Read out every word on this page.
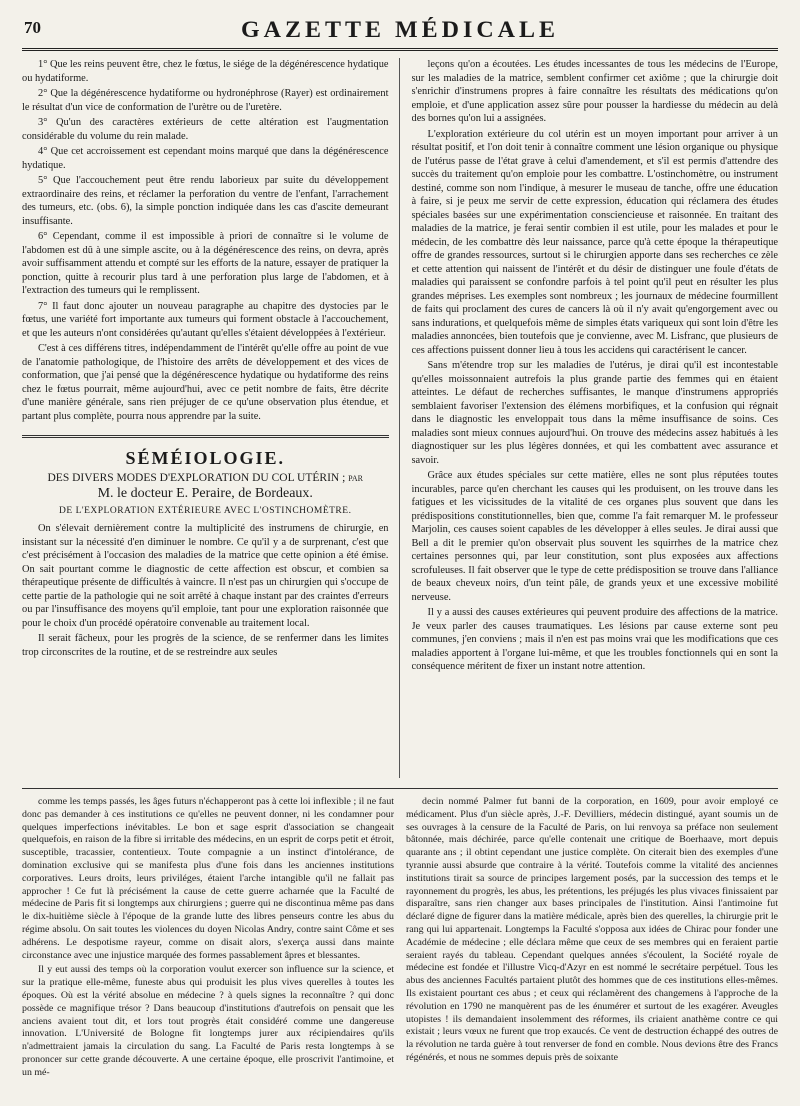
70	GAZETTE MÉDICALE

1° Que les reins peuvent être, chez le fœtus, le siége de la dégénérescence hydatique ou hydatiforme.

2° Que la dégénérescence hydatiforme ou hydronéphrose (Rayer) est ordinairement le résultat d'un vice de conformation de l'urètre ou de l'uretère.

3° Qu'un des caractères extérieurs de cette altération est l'augmentation considérable du volume du rein malade.

4° Que cet accroissement est cependant moins marqué que dans la dégénérescence hydatique.

5° Que l'accouchement peut être rendu laborieux par suite du développement extraordinaire des reins, et réclamer la perforation du ventre de l'enfant, l'arrachement des tumeurs, etc. (obs. 6), la simple ponction indiquée dans les cas d'ascite demeurant insuffisante.

6° Cependant, comme il est impossible à priori de connaître si le volume de l'abdomen est dû à une simple ascite, ou à la dégénérescence des reins, on devra, après avoir suffisamment attendu et compté sur les efforts de la nature, essayer de pratiquer la ponction, quitte à recourir plus tard à une perforation plus large de l'abdomen, et à l'extraction des tumeurs qui le remplissent.

7° Il faut donc ajouter un nouveau paragraphe au chapitre des dystocies par le fœtus, une variété fort importante aux tumeurs qui forment obstacle à l'accouchement, et que les auteurs n'ont considérées qu'autant qu'elles s'étaient développées à l'extérieur.

C'est à ces différens titres, indépendamment de l'intérêt qu'elle offre au point de vue de l'anatomie pathologique, de l'histoire des arrêts de développement et des vices de conformation, que j'ai pensé que la dégénérescence hydatique ou hydatiforme des reins chez le fœtus pourrait, même aujourd'hui, avec ce petit nombre de faits, être décrite d'une manière générale, sans rien préjuger de ce qu'une observation plus étendue, et partant plus complète, pourra nous apprendre par la suite.

SÉMÉIOLOGIE.
DES DIVERS MODES D'EXPLORATION DU COL UTÉRIN ; par
M. le docteur E. Peraire, de Bordeaux.
DE L'EXPLORATION EXTÉRIEURE AVEC L'OSTINCHOMÈTRE.

On s'élevait dernièrement contre la multiplicité des instrumens de chirurgie, en insistant sur la nécessité d'en diminuer le nombre. Ce qu'il y a de surprenant, c'est que c'est précisément à l'occasion des maladies de la matrice que cette opinion a été émise. On sait pourtant comme le diagnostic de cette affection est obscur, et combien sa thérapeutique présente de difficultés à vaincre. Il n'est pas un chirurgien qui s'occupe de cette partie de la pathologie qui ne soit arrêté à chaque instant par des craintes d'erreurs ou par l'insuffisance des moyens qu'il emploie, tant pour une exploration raisonnée que pour le choix d'un procédé opératoire convenable au traitement local.

Il serait fâcheux, pour les progrès de la science, de se renfermer dans les limites trop circonscrites de la routine, et de se restreindre aux seules

leçons qu'on a écoutées. Les études incessantes de tous les médecins de l'Europe, sur les maladies de la matrice, semblent confirmer cet axiôme ; que la chirurgie doit s'enrichir d'instrumens propres à faire connaître les résultats des médications qu'on emploie, et d'une application assez sûre pour pousser la hardiesse du médecin au delà des bornes qu'on lui a assignées.

L'exploration extérieure du col utérin est un moyen important pour arriver à un résultat positif, et l'on doit tenir à connaître comment une lésion organique ou physique de l'utérus passe de l'état grave à celui d'amendement, et s'il est permis d'attendre des succès du traitement qu'on emploie pour les combattre. L'ostinchomètre, ou instrument destiné, comme son nom l'indique, à mesurer le museau de tanche, offre une éducation à faire, si je peux me servir de cette expression, éducation qui réclamera des études spéciales basées sur une expérimentation consciencieuse et raisonnée. En traitant des maladies de la matrice, je ferai sentir combien il est utile, pour les malades et pour le médecin, de les combattre dès leur naissance, parce qu'à cette époque la thérapeutique offre de grandes ressources, surtout si le chirurgien apporte dans ses recherches ce zèle et cette attention qui naissent de l'intérêt et du désir de distinguer une foule d'états de maladies qui paraissent se confondre parfois à tel point qu'il peut en résulter les plus grandes méprises. Les exemples sont nombreux ; les journaux de médecine fourmillent de faits qui proclament des cures de cancers là où il n'y avait qu'engorgement avec ou sans indurations, et quelquefois même de simples états variqueux qui sont loin d'être les maladies annoncées, bien toutefois que je convienne, avec M. Lisfranc, que plusieurs de ces affections puissent donner lieu à tous les accidens qui caractérisent le cancer.

Sans m'étendre trop sur les maladies de l'utérus, je dirai qu'il est incontestable qu'elles moissonnaient autrefois la plus grande partie des femmes qui en étaient atteintes. Le défaut de recherches suffisantes, le manque d'instrumens appropriés semblaient favoriser l'extension des élémens morbifiques, et la confusion qui régnait dans le diagnostic les enveloppait tous dans la même insuffisance de soins. Ces maladies sont mieux connues aujourd'hui. On trouve des médecins assez habitués à les diagnostiquer sur les plus légères données, et qui les combattent avec assurance et savoir.

Grâce aux études spéciales sur cette matière, elles ne sont plus réputées toutes incurables, parce qu'en cherchant les causes qui les produisent, on les trouve dans les fatigues et les vicissitudes de la vitalité de ces organes plus souvent que dans les prédispositions constitutionnelles, bien que, comme l'a fait remarquer M. le professeur Marjolin, ces causes soient capables de les développer à elles seules. Je dirai aussi que Bell a dit le premier qu'on observait plus souvent les squirrhes de la matrice chez certaines personnes qui, par leur constitution, sont plus exposées aux affections scrofuleuses. Il fait observer que le type de cette prédisposition se trouve dans l'alliance de beaux cheveux noirs, d'un teint pâle, de grands yeux et une excessive mobilité nerveuse.

Il y a aussi des causes extérieures qui peuvent produire des affections de la matrice. Je veux parler des causes traumatiques. Les lésions par cause externe sont peu communes, j'en conviens ; mais il n'en est pas moins vrai que les modifications que ces maladies apportent à l'organe lui-même, et que les troubles fonctionnels qui en sont la conséquence méritent de fixer un instant notre attention.

comme les temps passés, les âges futurs n'échapperont pas à cette loi inflexible ; il ne faut donc pas demander à ces institutions ce qu'elles ne peuvent donner, ni les condamner pour quelques imperfections inévitables. Le bon et sage esprit d'association se changeait quelquefois, en raison de la fibre si irritable des médecins, en un esprit de corps petit et étroit, susceptible, tracassier, contentieux. Toute compagnie a un instinct d'intolérance, de domination exclusive qui se manifesta plus d'une fois dans les anciennes institutions corporatives. Leurs droits, leurs priviléges, étaient l'arche intangible qu'il ne fallait pas approcher ! Ce fut là précisément la cause de cette guerre acharnée que la Faculté de médecine de Paris fit si longtemps aux chirurgiens ; guerre qui ne discontinua même pas dans le dix-huitième siècle à l'époque de la grande lutte des libres penseurs contre les abus du régime absolu. On sait toutes les violences du doyen Nicolas Andry, contre saint Côme et ses adhérens. Le despotisme rayeur, comme on disait alors, s'exerça aussi dans mainte circonstance avec une injustice marquée des formes passablement âpres et blessantes.

Il y eut aussi des temps où la corporation voulut exercer son influence sur la science, et sur la pratique elle-même, funeste abus qui produisit les plus vives querelles à toutes les époques. Où est la vérité absolue en médecine ? à quels signes la reconnaître ? qui donc possède ce magnifique trésor ? Dans beaucoup d'institutions d'autrefois on pensait que les anciens avaient tout dit, et lors tout progrès était considéré comme une dangereuse innovation. L'Université de Bologne fit longtemps jurer aux récipiendaires qu'ils n'admettraient jamais la circulation du sang. La Faculté de Paris resta longtemps à se prononcer sur cette grande découverte. A une certaine époque, elle proscrivit l'antimoine, et un mé-

decin nommé Palmer fut banni de la corporation, en 1609, pour avoir employé ce médicament. Plus d'un siècle après, J.-F. Devilliers, médecin distingué, ayant soumis un de ses ouvrages à la censure de la Faculté de Paris, on lui renvoya sa préface non seulement bâtonnée, mais déchirée, parce qu'elle contenait une critique de Boerhaave, mort depuis quarante ans ; il obtint cependant une justice complète. On citerait bien des exemples d'une tyrannie aussi absurde que contraire à la vérité. Toutefois comme la vitalité des anciennes institutions tirait sa source de principes largement posés, par la succession des temps et le rayonnement du progrès, les abus, les prétentions, les préjugés les plus vivaces finissaient par disparaître, sans rien changer aux bases principales de l'institution. Ainsi l'antimoine fut déclaré digne de figurer dans la matière médicale, après bien des querelles, la chirurgie prit le rang qui lui appartenait. Longtemps la Faculté s'opposa aux idées de Chirac pour fonder une Académie de médecine ; elle déclara même que ceux de ses membres qui en feraient partie seraient rayés du tableau. Cependant quelques années s'écoulent, la Société royale de médecine est fondée et l'illustre Vicq-d'Azyr en est nommé le secrétaire perpétuel. Tous les abus des anciennes Facultés partaient plutôt des hommes que de ces institutions elles-mêmes. Ils existaient pourtant ces abus ; et ceux qui réclamèrent des changemens à l'approche de la révolution en 1790 ne manquèrent pas de les énumérer et surtout de les exagérer. Aveugles utopistes ! ils demandaient insolemment des réformes, ils criaient anathème contre ce qui existait ; leurs vœux ne furent que trop exaucés. Ce vent de destruction échappé des outres de la révolution ne tarda guère à tout renverser de fond en comble. Nous devions être des Francs régénérés, et nous ne sommes depuis près de soixante
